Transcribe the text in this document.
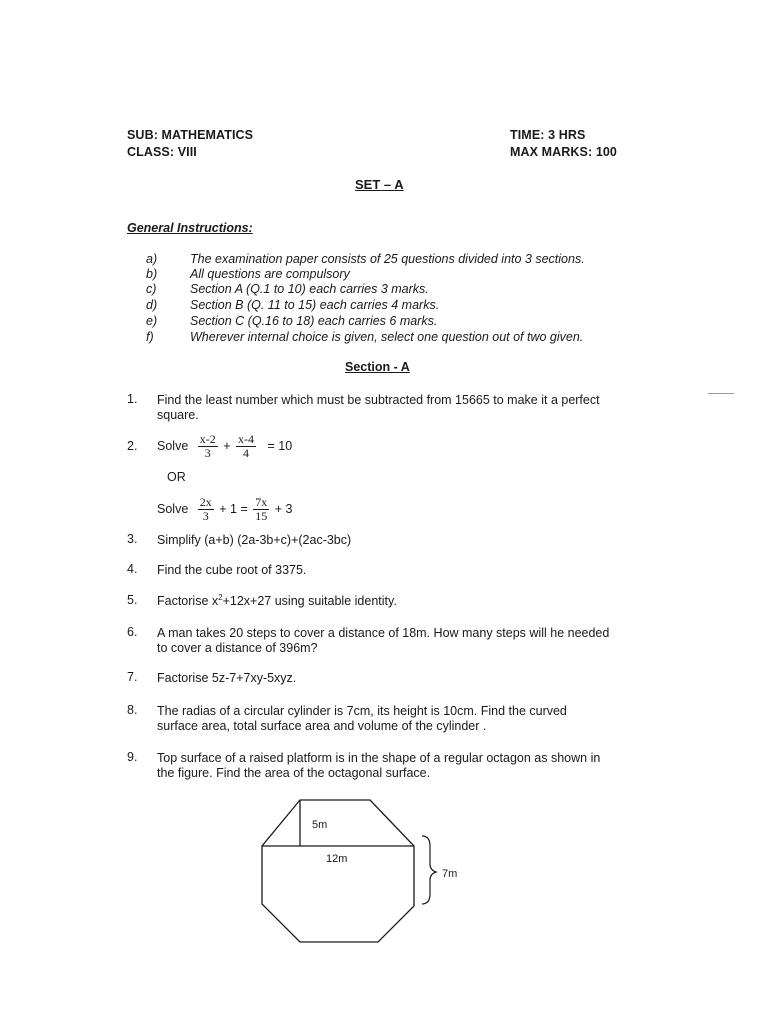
SUB: MATHEMATICS
CLASS: VIII
TIME: 3 HRS
MAX MARKS: 100
SET – A
General Instructions:
a)	The examination paper consists of 25 questions divided into 3 sections.
b)	All questions are compulsory
c)	Section A (Q.1 to 10) each carries 3 marks.
d)	Section B (Q. 11 to 15) each carries 4 marks.
e)	Section C (Q.16 to 18) each carries 6 marks.
f)	Wherever internal choice is given, select one question out of two given.
Section - A
1. Find the least number which must be subtracted from 15665 to make it a perfect
square.
2. Solve $\frac{x-2}{3} + \frac{x-4}{4} = 10$
OR
Solve $\frac{2x}{3} + 1 = \frac{7x}{15} + 3$
3. Simplify (a+b) (2a-3b+c)+(2ac-3bc)
4. Find the cube root of 3375.
5. Factorise $x^2+12x+27$ using suitable identity.
6. A man takes 20 steps to cover a distance of 18m. How many steps will he needed
to cover a distance of 396m?
7. Factorise 5z-7+7xy-5xyz.
8. The radias of a circular cylinder is 7cm, its height is 10cm. Find the curved
surface area, total surface area and volume of the cylinder .
9. Top surface of a raised platform is in the shape of a regular octagon as shown in
the figure. Find the area of the octagonal surface.
5m
12m
7m
